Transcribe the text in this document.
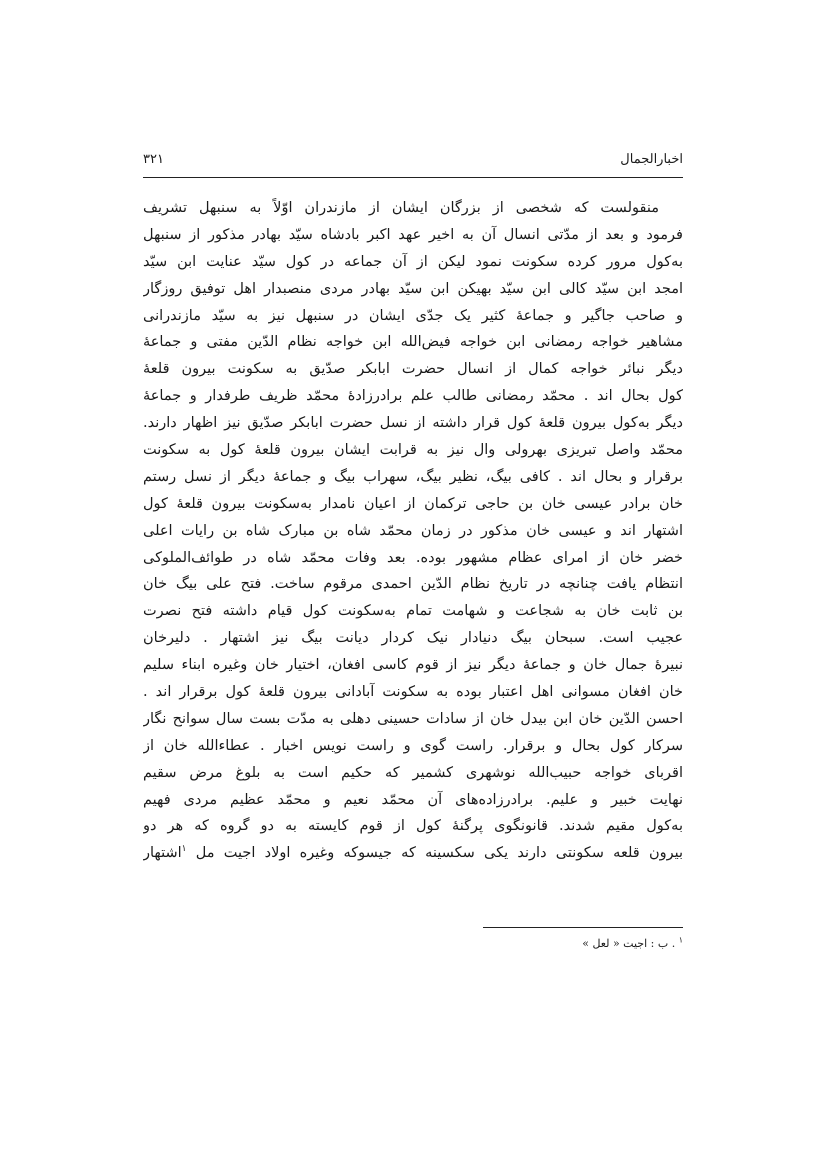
اخبارالجمال
۳۲۱
منقولست که شخصی از بزرگان ایشان از مازندران اوّلاً به سنبهل تشریف
فرمود و بعد از مدّتی انسال آن به اخیر عهد اکبر بادشاه سیّد بهادر مذکور از سنبهل
به‌کول مرور کرده سکونت نمود لیکن از آن جماعه در کول سیّد عنایت ابن سیّد
امجد ابن سیّد کالی ابن سیّد بهیکن ابن سیّد بهادر مردی منصبدار اهل توفیق روزگار
و صاحب جاگیر و جماعهٔ کثیر یک جدّی ایشان در سنبهل نیز به سیّد مازندرانی
مشاهیر خواجه رمضانی ابن خواجه فیض‌الله ابن خواجه نظام الدّین مفتی و جماعهٔ
دیگر نبائر خواجه کمال از انسال حضرت ابابکر صدّیق به سکونت بیرون قلعهٔ
کول بحال اند . محمّد رمضانی طالب علم برادرزادهٔ محمّد ظریف طرفدار و جماعهٔ
دیگر به‌کول بیرون قلعهٔ کول قرار داشته از نسل حضرت ابابکر صدّیق نیز اظهار دارند.
محمّد واصل تبریزی بهرولی وال نیز به قرابت ایشان بیرون قلعهٔ کول به سکونت
برقرار و بحال اند . کافی بیگ، نظیر بیگ، سهراب بیگ و جماعهٔ دیگر از نسل رستم
خان برادر عیسی خان بن حاجی ترکمان از اعیان نامدار به‌سکونت بیرون قلعهٔ کول
اشتهار اند و عیسی خان مذکور در زمان محمّد شاه بن مبارک شاه بن رایات اعلی
خضر خان از امرای عظام مشهور بوده. بعد وفات محمّد شاه در طوائف‌الملوکی
انتظام یافت چنانچه در تاریخ نظام الدّین احمدی مرقوم ساخت. فتح علی بیگ خان
بن ثابت خان به شجاعت و شهامت تمام به‌سکونت کول قیام داشته فتح نصرت
عجیب است. سبحان بیگ دنیادار نیک کردار دیانت بیگ نیز اشتهار . دلیرخان
نبیرهٔ جمال خان و جماعهٔ دیگر نیز از قوم کاسی افغان، اختیار خان وغیره ابناء سلیم
خان افغان مسوانی اهل اعتبار بوده به سکونت آبادانی بیرون قلعهٔ کول برقرار اند .
احسن الدّین خان ابن بیدل خان از سادات حسینی دهلی به مدّت بست سال سوانح نگار
سرکار کول بحال و برقرار. راست گوی و راست نویس اخبار . عطاءالله خان از
اقربای خواجه حبیب‌الله نوشهری کشمیر که حکیم است به بلوغ مرض سقیم
نهایت خبیر و علیم. برادرزاده‌های آن محمّد نعیم و محمّد عظیم مردی فهیم
به‌کول مقیم شدند. قانونگوی پرگنهٔ کول از قوم کایسته به دو گروه که هر دو
بیرون قلعه سکونتی دارند یکی سکسینه که جیسوکه وغیره اولاد اجیت مل $^۱$اشتهار
$^۱$ . ب : اجیت « لعل »
